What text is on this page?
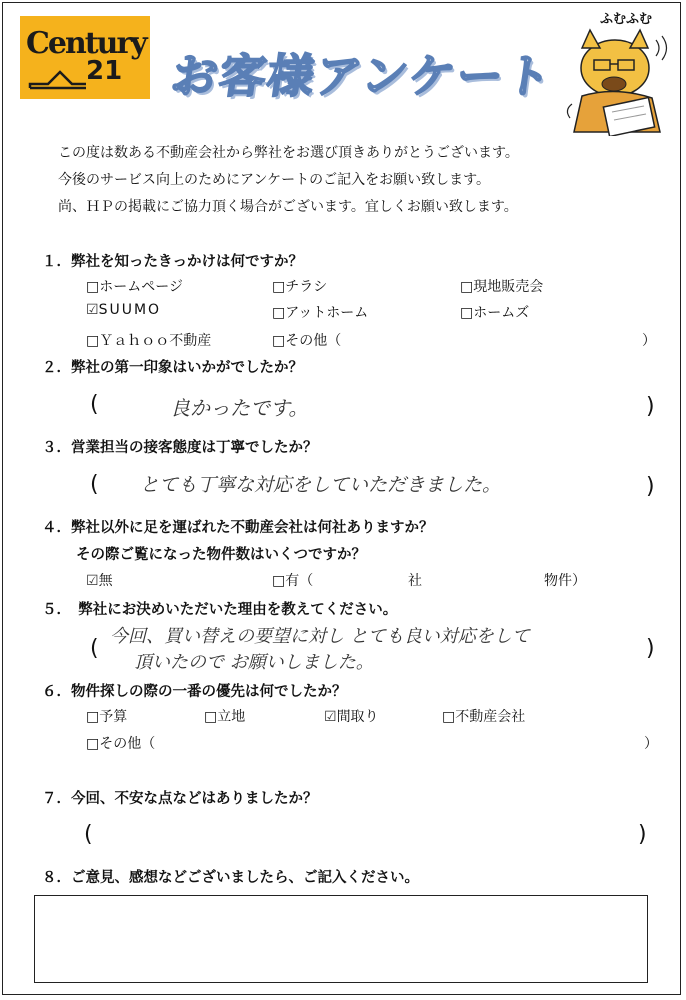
Century
21 お客様アンケート
ふむふむ
この度は数ある不動産会社から弊社をお選び頂きありがとうございます。
今後のサービス向上のためにアンケートのご記入をお願い致します。
尚、ＨＰの掲載にご協力頂く場合がございます。宜しくお願い致します。
１．弊社を知ったきっかけは何ですか？
□ホームページ	□チラシ	□現地販売会
☑SUUMO	□アットホーム	□ホームズ
□Ｙａｈｏｏ不動産	□その他（	）
２．弊社の第一印象はいかがでしたか？
(	良かったです。	)
３．営業担当の接客態度は丁寧でしたか？
( とても丁寧な対応をしていただきました。	)
４．弊社以外に足を運ばれた不動産会社は何社ありますか？
その際ご覧になった物件数はいくつですか？
☑無	□有（	社	物件）
５．　弊社にお決めいただいた理由を教えてください。
( 今回、買い替えの要望に対し とても良い対応をして
頂いたので お願いしました。
)
６．物件探しの際の一番の優先は何でしたか？
□予算	□立地	☑間取り	□不動産会社
□その他（	）
７．今回、不安な点などはありましたか？
(	)
８．ご意見、感想などございましたら、ご記入ください。
